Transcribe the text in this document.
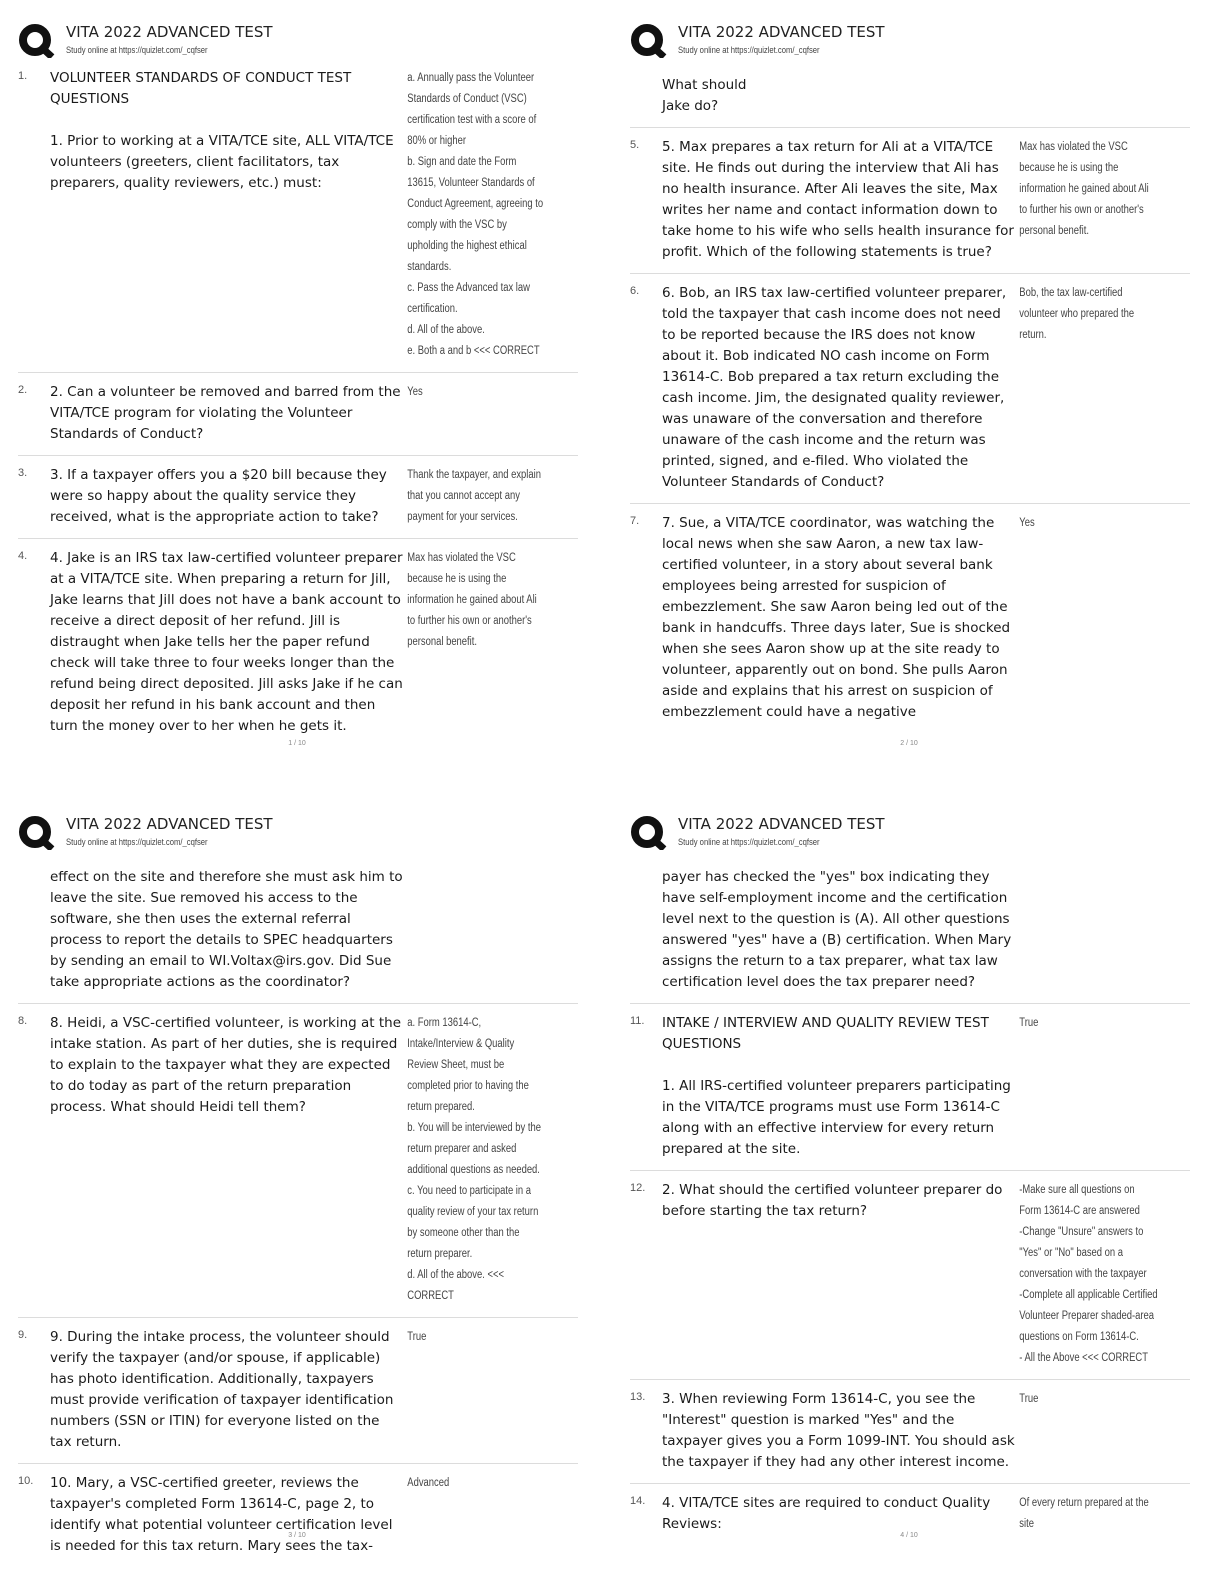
VITA 2022 ADVANCED TEST
Study online at https://quizlet.com/_cqfser
1.	VOLUNTEER STANDARDS OF CONDUCT TEST QUESTIONS

1. Prior to working at a VITA/TCE site, ALL VITA/TCE volunteers (greeters, client facilitators, tax preparers, quality reviewers, etc.) must:
a. Annually pass the Volunteer Standards of Conduct (VSC) certification test with a score of 80% or higher
b. Sign and date the Form 13615, Volunteer Standards of Conduct Agreement, agreeing to comply with the VSC by upholding the highest ethical standards.
c. Pass the Advanced tax law certification.
d. All of the above.
e. Both a and b <<< CORRECT
2.	2. Can a volunteer be removed and barred from the VITA/TCE program for violating the Volunteer Standards of Conduct?
Yes
3.	3. If a taxpayer offers you a $20 bill because they were so happy about the quality service they received, what is the appropriate action to take?
Thank the taxpayer, and explain that you cannot accept any payment for your services.
4.	4. Jake is an IRS tax law-certified volunteer preparer at a VITA/TCE site. When preparing a return for Jill, Jake learns that Jill does not have a bank account to receive a direct deposit of her refund. Jill is distraught when Jake tells her the paper refund check will take three to four weeks longer than the refund being direct deposited. Jill asks Jake if he can deposit her refund in his bank account and then turn the money over to her when he gets it.
Max has violated the VSC because he is using the information he gained about Ali to further his own or another's personal benefit.
1 / 10
VITA 2022 ADVANCED TEST
Study online at https://quizlet.com/_cqfser
What should
Jake do?
5.	5. Max prepares a tax return for Ali at a VITA/TCE site. He finds out during the interview that Ali has no health insurance. After Ali leaves the site, Max writes her name and contact information down to take home to his wife who sells health insurance for profit. Which of the following statements is true?
Max has violated the VSC because he is using the information he gained about Ali to further his own or another's personal benefit.
6.	6. Bob, an IRS tax law-certified volunteer preparer, told the taxpayer that cash income does not need to be reported because the IRS does not know about it. Bob indicated NO cash income on Form 13614-C. Bob prepared a tax return excluding the cash income. Jim, the designated quality reviewer, was unaware of the conversation and therefore unaware of the cash income and the return was printed, signed, and e-filed. Who violated the Volunteer Standards of Conduct?
Bob, the tax law-certified volunteer who prepared the return.
7.	7. Sue, a VITA/TCE coordinator, was watching the local news when she saw Aaron, a new tax law-certified volunteer, in a story about several bank employees being arrested for suspicion of embezzlement. She saw Aaron being led out of the bank in handcuffs. Three days later, Sue is shocked when she sees Aaron show up at the site ready to volunteer, apparently out on bond. She pulls Aaron aside and explains that his arrest on suspicion of embezzlement could have a negative
Yes
2 / 10
VITA 2022 ADVANCED TEST
Study online at https://quizlet.com/_cqfser
effect on the site and therefore she must ask him to leave the site. Sue removed his access to the software, she then uses the external referral process to report the details to SPEC headquarters by sending an email to WI.Voltax@irs.gov. Did Sue take appropriate actions as the coordinator?
8.	8. Heidi, a VSC-certified volunteer, is working at the intake station. As part of her duties, she is required to explain to the taxpayer what they are expected to do today as part of the return preparation process. What should Heidi tell them?
a. Form 13614-C, Intake/Interview & Quality Review Sheet, must be completed prior to having the return prepared.
b. You will be interviewed by the return preparer and asked additional questions as needed.
c. You need to participate in a quality review of your tax return by someone other than the return preparer.
d. All of the above. <<< CORRECT
9.	9. During the intake process, the volunteer should verify the taxpayer (and/or spouse, if applicable) has photo identification. Additionally, taxpayers must provide verification of taxpayer identification numbers (SSN or ITIN) for everyone listed on the tax return.
True
10.	10. Mary, a VSC-certified greeter, reviews the taxpayer's completed Form 13614-C, page 2, to identify what potential volunteer certification level is needed for this tax return. Mary sees the tax-
Advanced
3 / 10
VITA 2022 ADVANCED TEST
Study online at https://quizlet.com/_cqfser
payer has checked the "yes" box indicating they have self-employment income and the certification level next to the question is (A). All other questions answered "yes" have a (B) certification. When Mary assigns the return to a tax preparer, what tax law certification level does the tax preparer need?
11.	INTAKE / INTERVIEW AND QUALITY REVIEW TEST QUESTIONS

1. All IRS-certified volunteer preparers participating in the VITA/TCE programs must use Form 13614-C along with an effective interview for every return prepared at the site.
True
12.	2. What should the certified volunteer preparer do before starting the tax return?
-Make sure all questions on Form 13614-C are answered
-Change "Unsure" answers to "Yes" or "No" based on a conversation with the taxpayer
-Complete all applicable Certified Volunteer Preparer shaded-area questions on Form 13614-C.
- All the Above <<< CORRECT
13.	3. When reviewing Form 13614-C, you see the "Interest" question is marked "Yes" and the taxpayer gives you a Form 1099-INT. You should ask the taxpayer if they had any other interest income.
True
14.	4. VITA/TCE sites are required to conduct Quality Reviews:
Of every return prepared at the site
4 / 10
